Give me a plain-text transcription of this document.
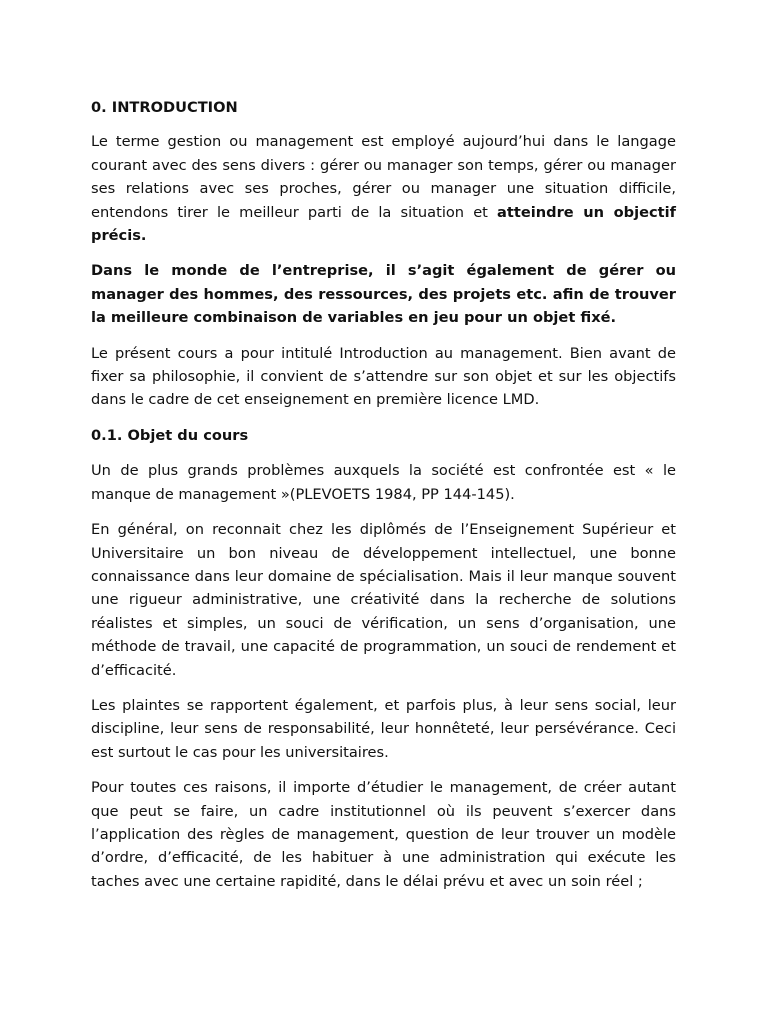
0. INTRODUCTION

Le terme gestion ou management est employé aujourd’hui dans le langage courant avec des sens divers : gérer ou manager son temps, gérer ou manager ses relations avec ses proches, gérer ou manager une situation difficile, entendons tirer le meilleur parti de la situation et atteindre un objectif précis.

Dans le monde de l’entreprise, il s’agit également de gérer ou manager des hommes, des ressources, des projets etc. afin de trouver la meilleure combinaison de variables en jeu pour un objet fixé.

Le présent cours a pour intitulé Introduction au management. Bien avant de fixer sa philosophie, il convient de s’attendre sur son objet et sur les objectifs dans le cadre de cet enseignement en première licence LMD.

0.1. Objet du cours

Un de plus grands problèmes auxquels la société est confrontée est « le manque de management »(PLEVOETS 1984, PP 144-145).

En général, on reconnait chez les diplômés de l’Enseignement Supérieur et Universitaire un bon niveau de développement intellectuel, une bonne connaissance dans leur domaine de spécialisation. Mais il leur manque souvent une rigueur administrative, une créativité dans la recherche de solutions réalistes et simples, un souci de vérification, un sens d’organisation, une méthode de travail, une capacité de programmation, un souci de rendement et d’efficacité.

Les plaintes se rapportent également, et parfois plus, à leur sens social, leur discipline, leur sens de responsabilité, leur honnêteté, leur persévérance. Ceci est surtout le cas pour les universitaires.

Pour toutes ces raisons, il importe d’étudier le management, de créer autant que peut se faire, un cadre institutionnel où ils peuvent s’exercer dans l’application des règles de management, question de leur trouver un modèle d’ordre, d’efficacité, de les habituer à une administration qui exécute les taches avec une certaine rapidité, dans le délai prévu et avec un soin réel ;
